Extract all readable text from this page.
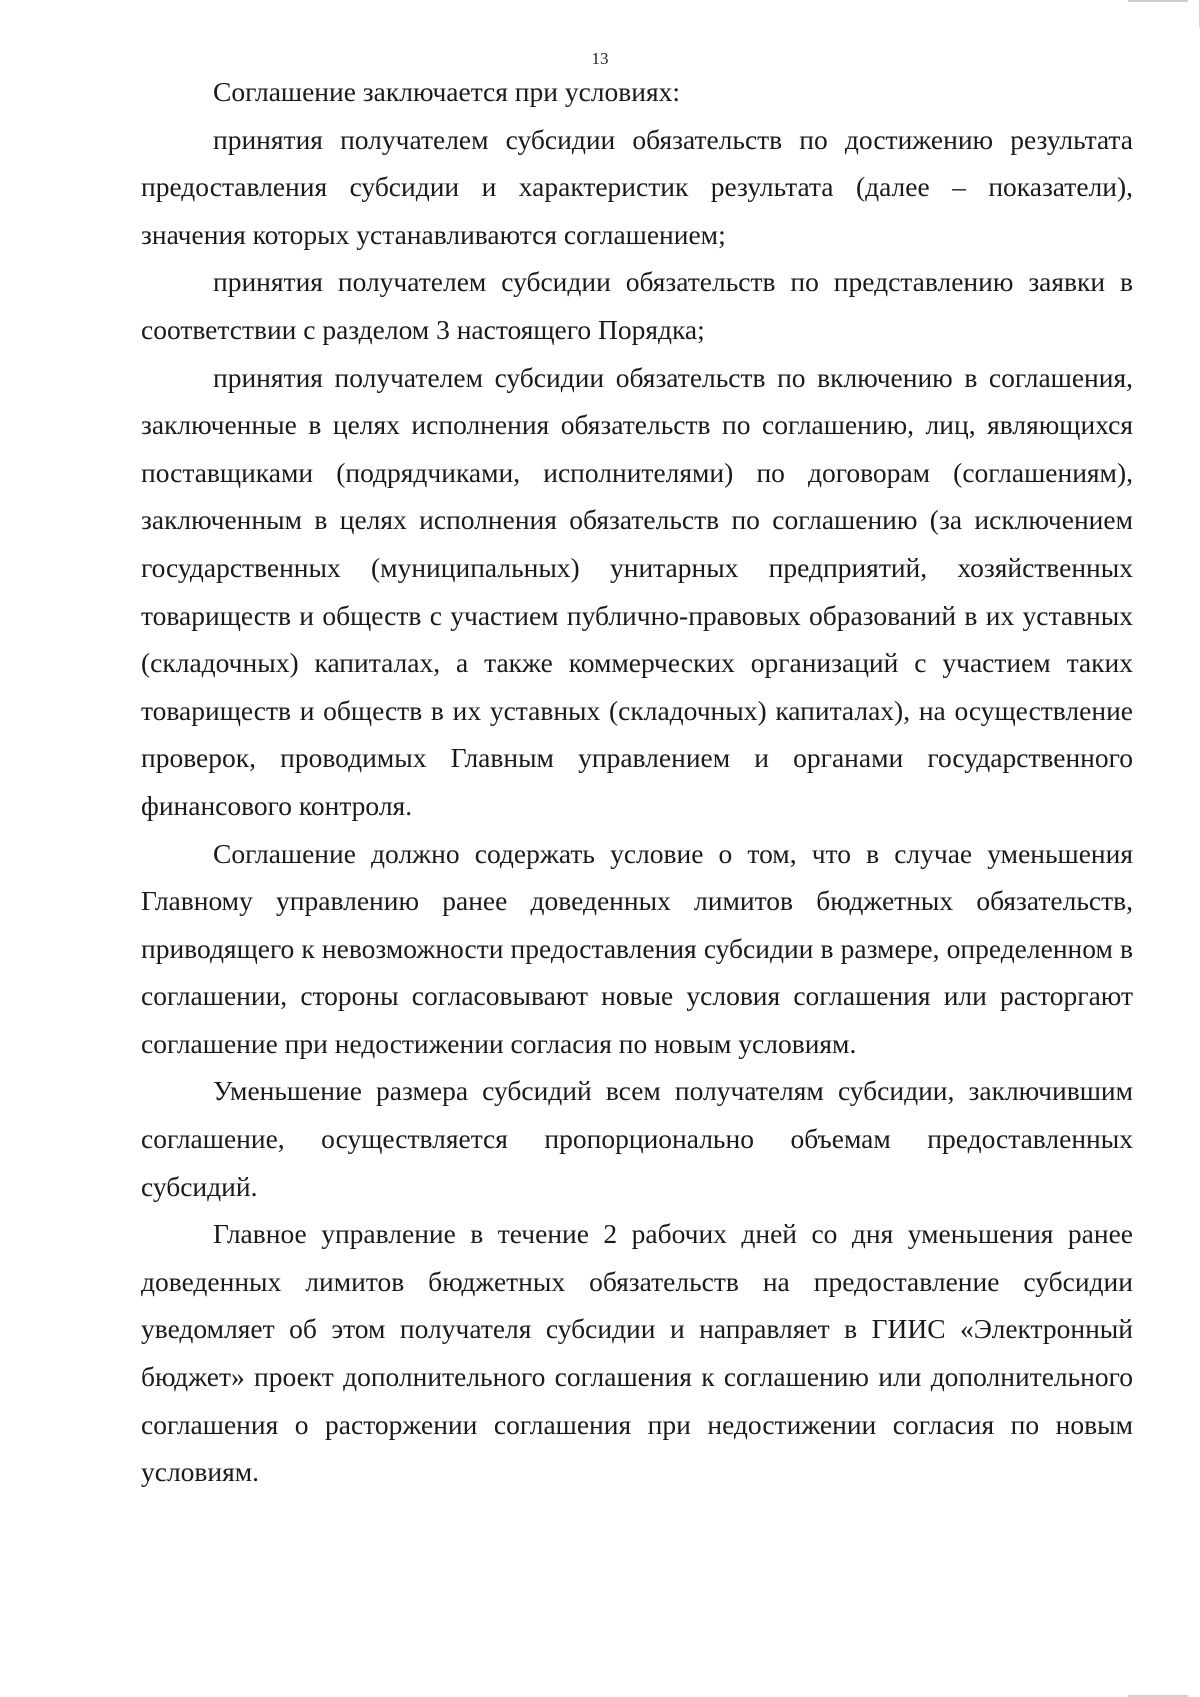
13

Соглашение заключается при условиях:

принятия получателем субсидии обязательств по достижению результата предоставления субсидии и характеристик результата (далее – показатели), значения которых устанавливаются соглашением;

принятия получателем субсидии обязательств по представлению заявки в соответствии с разделом 3 настоящего Порядка;

принятия получателем субсидии обязательств по включению в соглашения, заключенные в целях исполнения обязательств по соглашению, лиц, являющихся поставщиками (подрядчиками, исполнителями) по договорам (соглашениям), заключенным в целях исполнения обязательств по соглашению (за исключением государственных (муниципальных) унитарных предприятий, хозяйственных товариществ и обществ с участием публично-правовых образований в их уставных (складочных) капиталах, а также коммерческих организаций с участием таких товариществ и обществ в их уставных (складочных) капиталах), на осуществление проверок, проводимых Главным управлением и органами государственного финансового контроля.

Соглашение должно содержать условие о том, что в случае уменьшения Главному управлению ранее доведенных лимитов бюджетных обязательств, приводящего к невозможности предоставления субсидии в размере, определенном в соглашении, стороны согласовывают новые условия соглашения или расторгают соглашение при недостижении согласия по новым условиям.

Уменьшение размера субсидий всем получателям субсидии, заключившим соглашение, осуществляется пропорционально объемам предоставленных субсидий.

Главное управление в течение 2 рабочих дней со дня уменьшения ранее доведенных лимитов бюджетных обязательств на предоставление субсидии уведомляет об этом получателя субсидии и направляет в ГИИС «Электронный бюджет» проект дополнительного соглашения к соглашению или дополнительного соглашения о расторжении соглашения при недостижении согласия по новым условиям.
